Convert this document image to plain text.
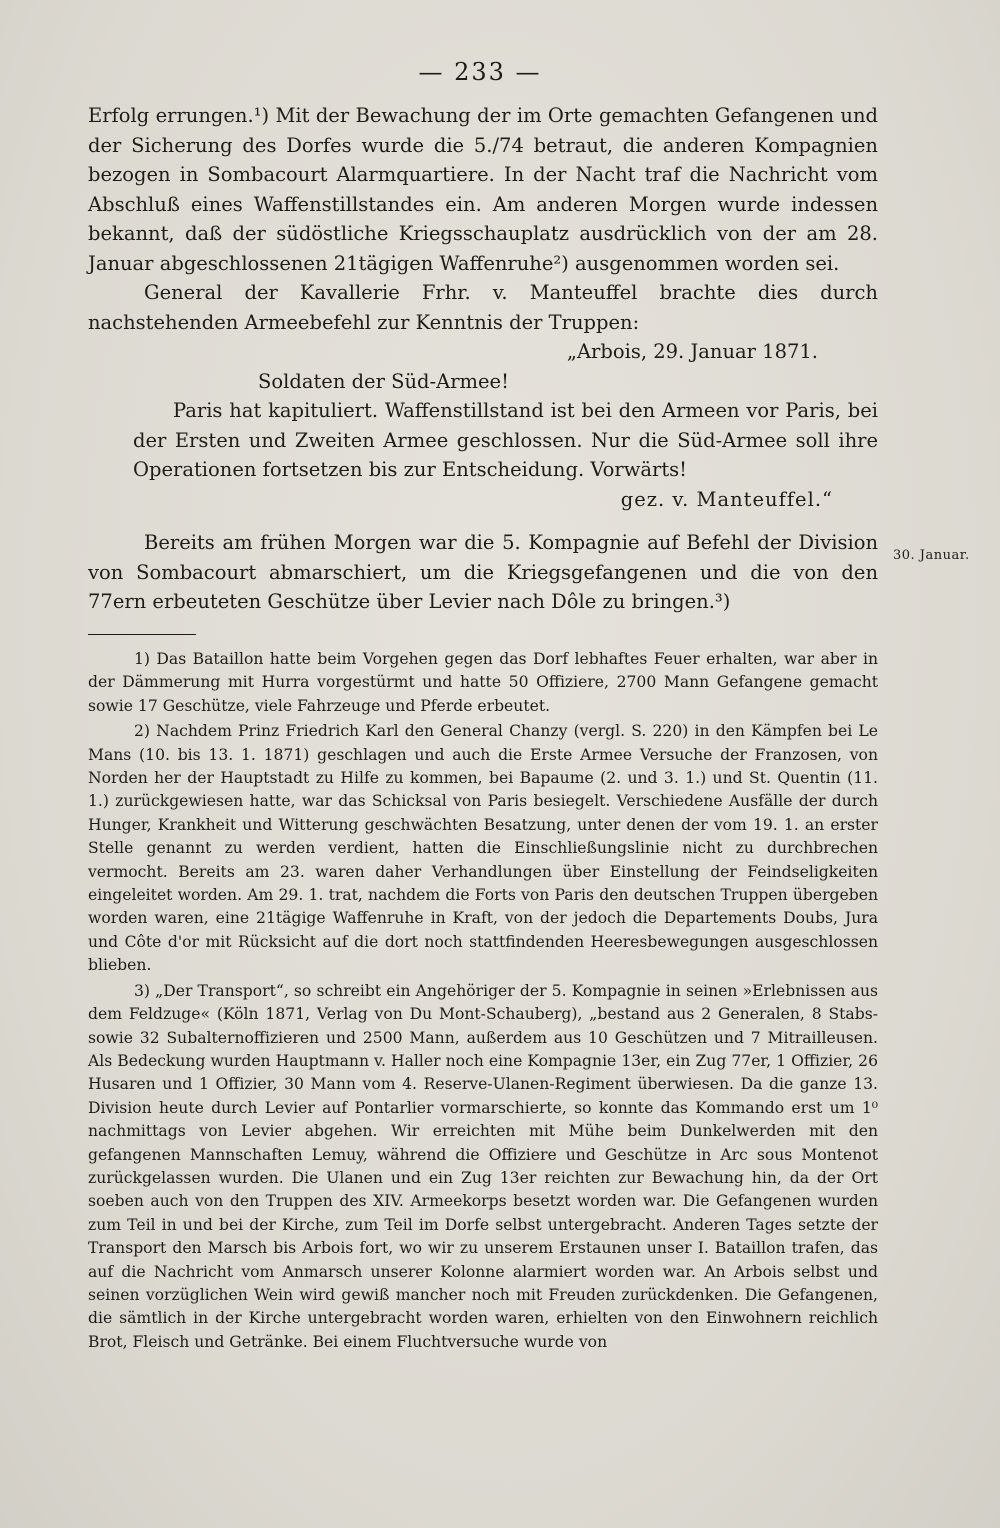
— 233 —

Erfolg errungen.¹) Mit der Bewachung der im Orte gemachten Gefangenen und der Sicherung des Dorfes wurde die 5./74 betraut, die anderen Kompagnien bezogen in Sombacourt Alarmquartiere. In der Nacht traf die Nachricht vom Abschluß eines Waffenstillstandes ein. Am anderen Morgen wurde indessen bekannt, daß der südöstliche Kriegsschauplatz ausdrücklich von der am 28. Januar abgeschlossenen 21tägigen Waffenruhe²) ausgenommen worden sei.

General der Kavallerie Frhr. v. Manteuffel brachte dies durch nachstehenden Armeebefehl zur Kenntnis der Truppen:

„Arbois, 29. Januar 1871.

Soldaten der Süd-Armee!

Paris hat kapituliert. Waffenstillstand ist bei den Armeen vor Paris, bei der Ersten und Zweiten Armee geschlossen. Nur die Süd-Armee soll ihre Operationen fortsetzen bis zur Entscheidung. Vorwärts!

gez. v. Manteuffel.“

Bereits am frühen Morgen war die 5. Kompagnie auf Befehl der Division von Sombacourt abmarschiert, um die Kriegsgefangenen und die von den 77ern erbeuteten Geschütze über Levier nach Dôle zu bringen.³)

30. Januar.

1) Das Bataillon hatte beim Vorgehen gegen das Dorf lebhaftes Feuer erhalten, war aber in der Dämmerung mit Hurra vorgestürmt und hatte 50 Offiziere, 2700 Mann Gefangene gemacht sowie 17 Geschütze, viele Fahrzeuge und Pferde erbeutet.

2) Nachdem Prinz Friedrich Karl den General Chanzy (vergl. S. 220) in den Kämpfen bei Le Mans (10. bis 13. 1. 1871) geschlagen und auch die Erste Armee Versuche der Franzosen, von Norden her der Hauptstadt zu Hilfe zu kommen, bei Bapaume (2. und 3. 1.) und St. Quentin (11. 1.) zurückgewiesen hatte, war das Schicksal von Paris besiegelt. Verschiedene Ausfälle der durch Hunger, Krankheit und Witterung geschwächten Besatzung, unter denen der vom 19. 1. an erster Stelle genannt zu werden verdient, hatten die Einschließungslinie nicht zu durchbrechen vermocht. Bereits am 23. waren daher Verhandlungen über Einstellung der Feindseligkeiten eingeleitet worden. Am 29. 1. trat, nachdem die Forts von Paris den deutschen Truppen übergeben worden waren, eine 21tägige Waffenruhe in Kraft, von der jedoch die Departements Doubs, Jura und Côte d'or mit Rücksicht auf die dort noch stattfindenden Heeresbewegungen ausgeschlossen blieben.

3) „Der Transport“, so schreibt ein Angehöriger der 5. Kompagnie in seinen »Erlebnissen aus dem Feldzuge« (Köln 1871, Verlag von Du Mont-Schauberg), „bestand aus 2 Generalen, 8 Stabs- sowie 32 Subalternoffizieren und 2500 Mann, außerdem aus 10 Geschützen und 7 Mitrailleusen. Als Bedeckung wurden Hauptmann v. Haller noch eine Kompagnie 13er, ein Zug 77er, 1 Offizier, 26 Husaren und 1 Offizier, 30 Mann vom 4. Reserve-Ulanen-Regiment überwiesen. Da die ganze 13. Division heute durch Levier auf Pontarlier vormarschierte, so konnte das Kommando erst um 1⁰ nachmittags von Levier abgehen. Wir erreichten mit Mühe beim Dunkelwerden mit den gefangenen Mannschaften Lemuy, während die Offiziere und Geschütze in Arc sous Montenot zurückgelassen wurden. Die Ulanen und ein Zug 13er reichten zur Bewachung hin, da der Ort soeben auch von den Truppen des XIV. Armeekorps besetzt worden war. Die Gefangenen wurden zum Teil in und bei der Kirche, zum Teil im Dorfe selbst untergebracht. Anderen Tages setzte der Transport den Marsch bis Arbois fort, wo wir zu unserem Erstaunen unser I. Bataillon trafen, das auf die Nachricht vom Anmarsch unserer Kolonne alarmiert worden war. An Arbois selbst und seinen vorzüglichen Wein wird gewiß mancher noch mit Freuden zurückdenken. Die Gefangenen, die sämtlich in der Kirche untergebracht worden waren, erhielten von den Einwohnern reichlich Brot, Fleisch und Getränke. Bei einem Fluchtversuche wurde von
